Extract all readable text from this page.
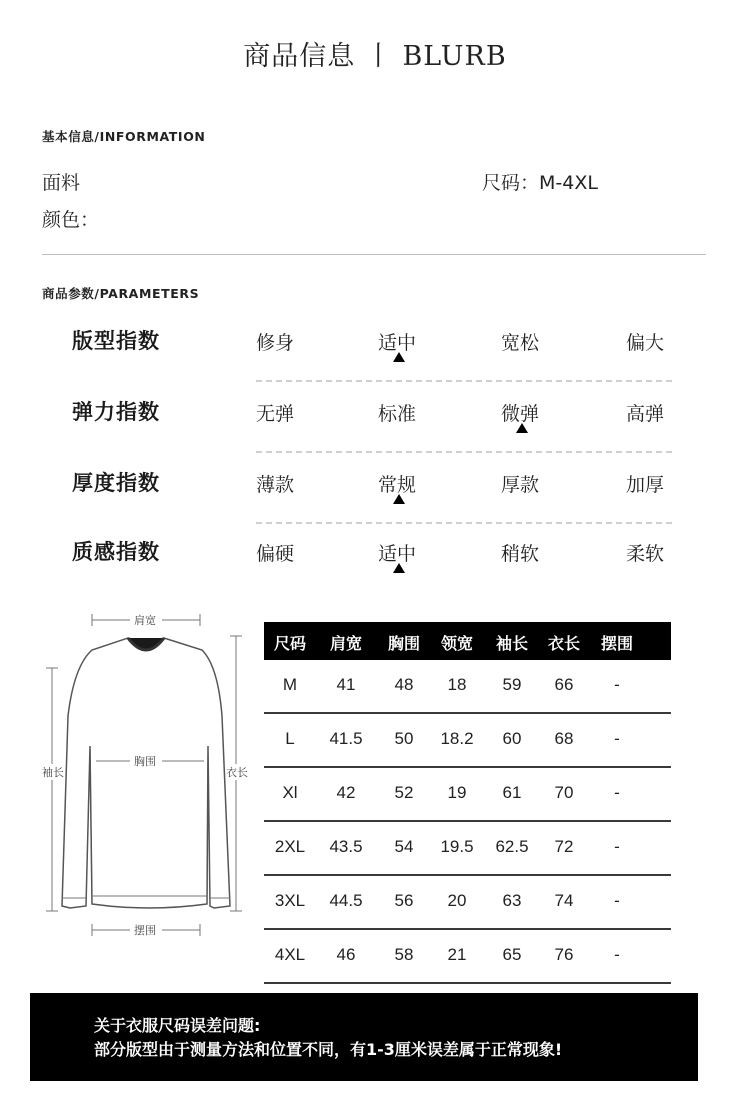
商品信息 丨 BLURB
基本信息/INFORMATION
面料	尺码：M-4XL
颜色：
商品参数/PARAMETERS
版型指数	修身	适中	宽松	偏大
弹力指数	无弹	标准	微弹	高弹
厚度指数	薄款	常规	厚款	加厚
质感指数	偏硬	适中	稍软	柔软
肩宽
胸围
袖长	衣长
摆围
尺码	肩宽	胸围	领宽	袖长	衣长	摆围
M	41	48	18	59	66	-
L	41.5	50	18.2	60	68	-
Xl	42	52	19	61	70	-
2XL	43.5	54	19.5	62.5	72	-
3XL	44.5	56	20	63	74	-
4XL	46	58	21	65	76	-
关于衣服尺码误差问题:
部分版型由于测量方法和位置不同，有1-3厘米误差属于正常现象!
